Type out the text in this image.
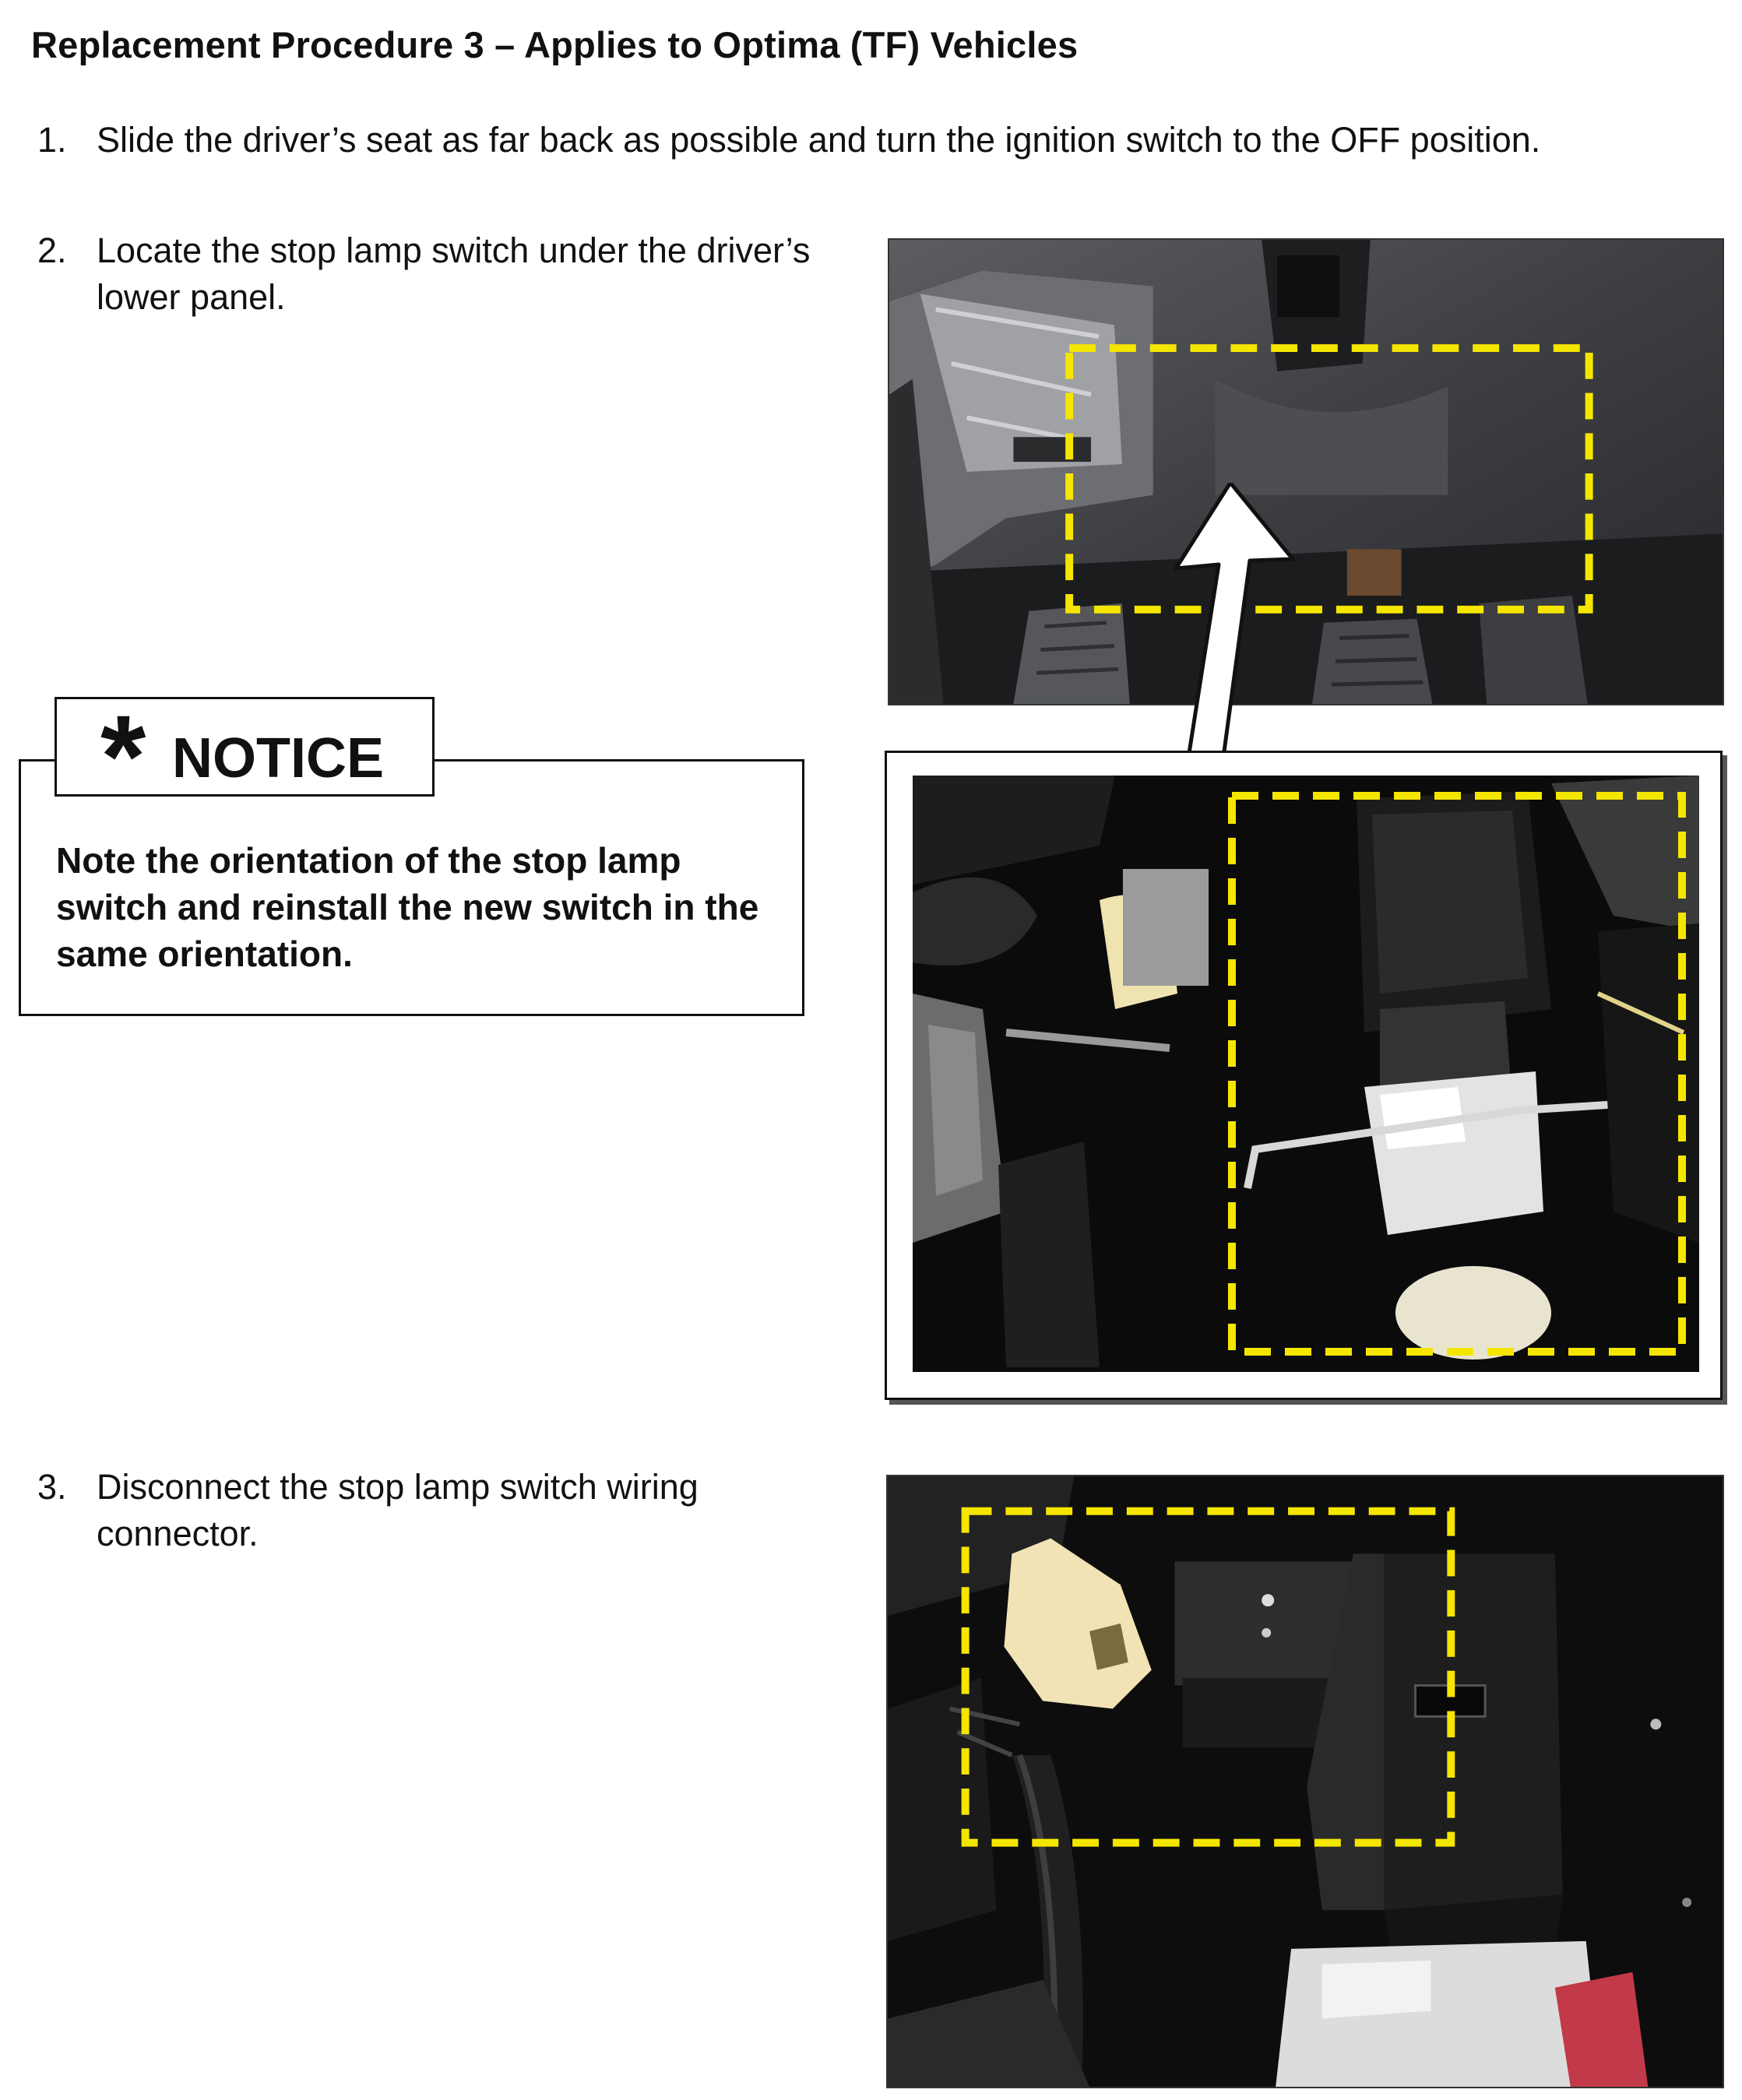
Replacement Procedure 3 – Applies to Optima (TF) Vehicles
1. Slide the driver’s seat as far back as possible and turn the ignition switch to the OFF position.
2. Locate the stop lamp switch under the driver’s lower panel.
3. Disconnect the stop lamp switch wiring connector.
* NOTICE
Note the orientation of the stop lamp switch and reinstall the new switch in the same orientation.
